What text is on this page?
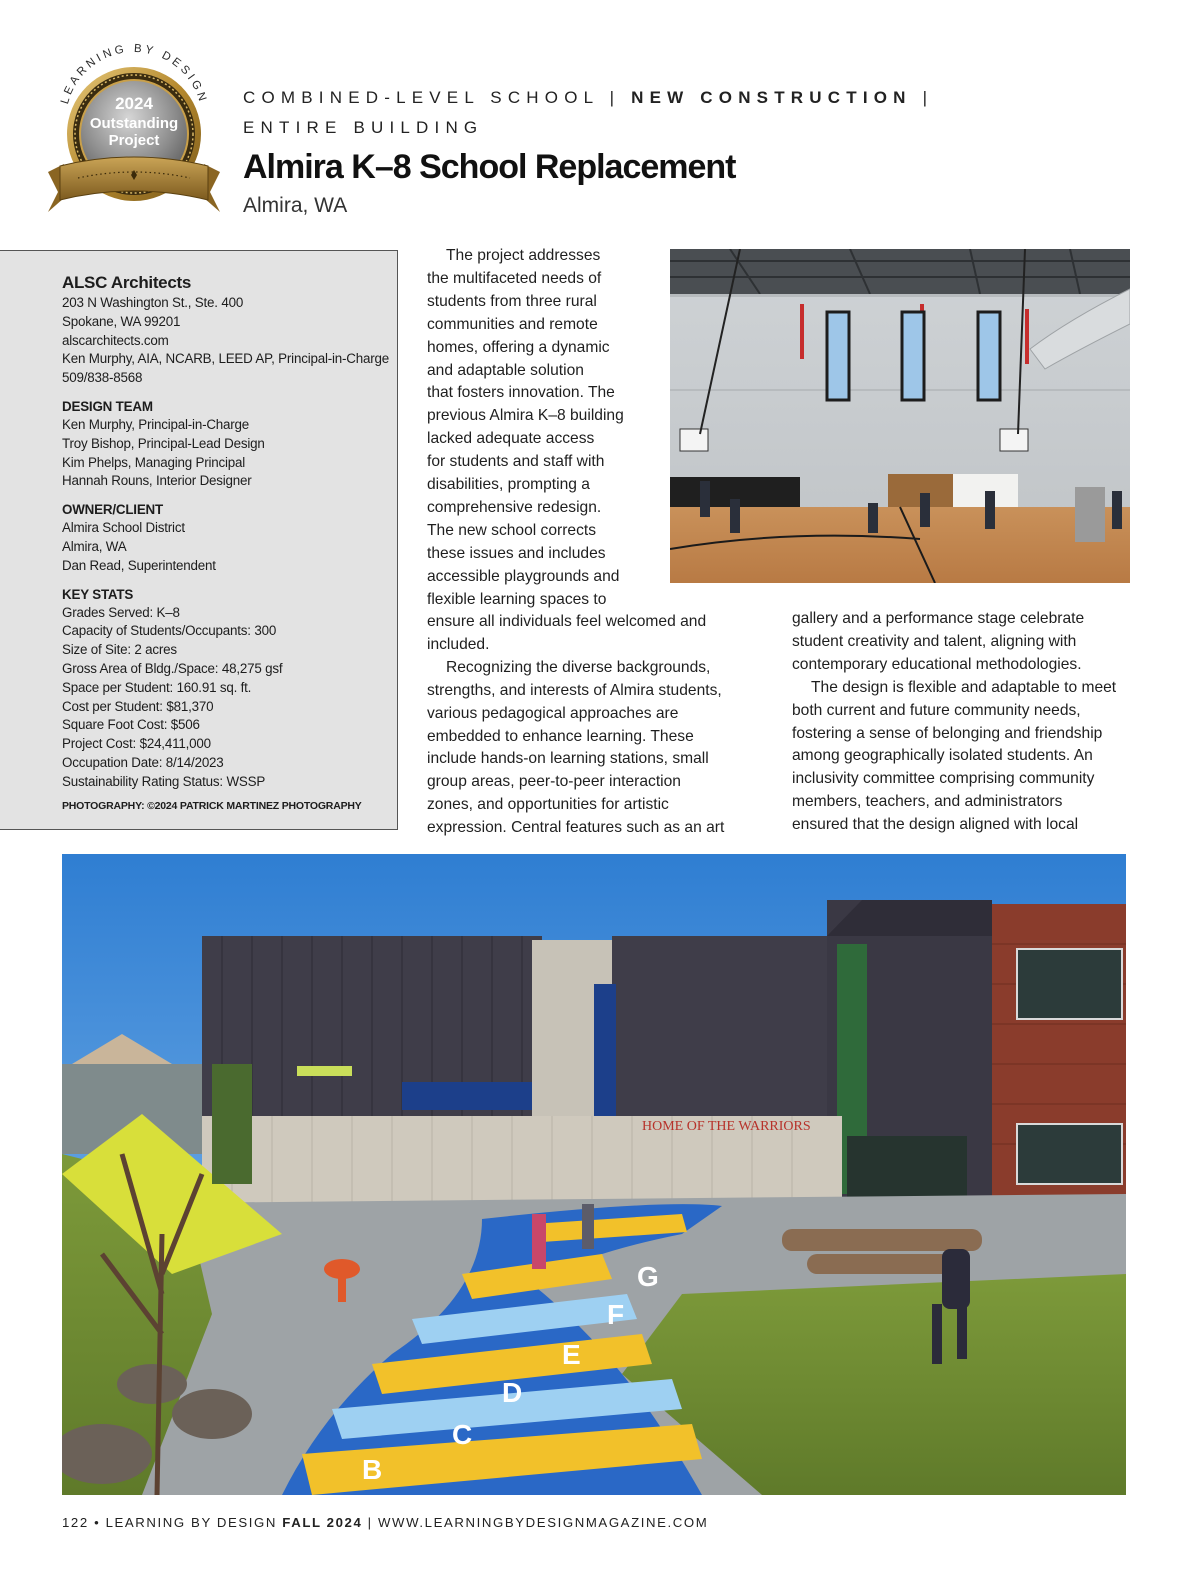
LEARNING BY DESIGN
2024
Outstanding
Project
COMBINED-LEVEL SCHOOL | NEW CONSTRUCTION |
ENTIRE BUILDING
Almira K–8 School Replacement
Almira, WA
ALSC Architects
203 N Washington St., Ste. 400
Spokane, WA 99201
alscarchitects.com
Ken Murphy, AIA, NCARB, LEED AP, Principal-in-Charge
509/838-8568
DESIGN TEAM
Ken Murphy, Principal-in-Charge
Troy Bishop, Principal-Lead Design
Kim Phelps, Managing Principal
Hannah Rouns, Interior Designer
OWNER/CLIENT
Almira School District
Almira, WA
Dan Read, Superintendent
KEY STATS
Grades Served: K–8
Capacity of Students/Occupants: 300
Size of Site: 2 acres
Gross Area of Bldg./Space: 48,275 gsf
Space per Student: 160.91 sq. ft.
Cost per Student: $81,370
Square Foot Cost: $506
Project Cost: $24,411,000
Occupation Date: 8/14/2023
Sustainability Rating Status: WSSP
PHOTOGRAPHY: ©2024 PATRICK MARTINEZ PHOTOGRAPHY
The project addresses
the multifaceted needs of
students from three rural
communities and remote
homes, offering a dynamic
and adaptable solution
that fosters innovation. The
previous Almira K–8 building
lacked adequate access
for students and staff with
disabilities, prompting a
comprehensive redesign.
The new school corrects
these issues and includes
accessible playgrounds and
flexible learning spaces to
ensure all individuals feel welcomed and
included.
Recognizing the diverse backgrounds,
strengths, and interests of Almira students,
various pedagogical approaches are
embedded to enhance learning. These
include hands-on learning stations, small
group areas, peer-to-peer interaction
zones, and opportunities for artistic
expression. Central features such as an art
gallery and a performance stage celebrate
student creativity and talent, aligning with
contemporary educational methodologies.
The design is flexible and adaptable to meet
both current and future community needs,
fostering a sense of belonging and friendship
among geographically isolated students. An
inclusivity committee comprising community
members, teachers, and administrators
ensured that the design aligned with local
HOME OF THE WARRIORS
B
C
D
E
F
G
122 • LEARNING BY DESIGN FALL 2024 | WWW.LEARNINGBYDESIGNMAGAZINE.COM
